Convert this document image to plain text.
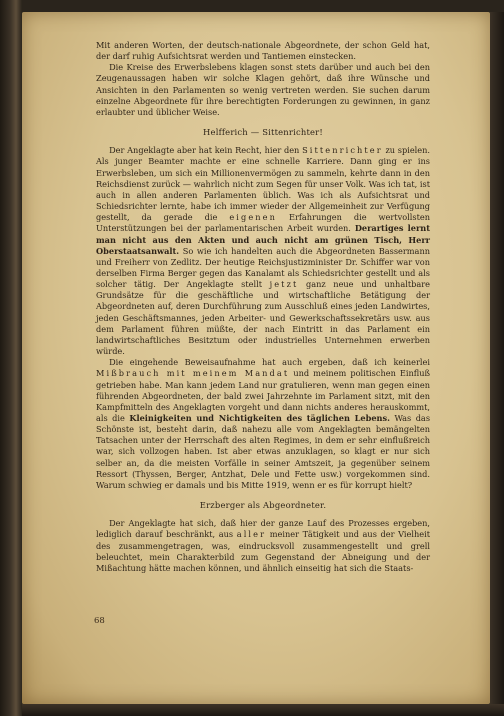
Mit anderen Worten, der deutsch-nationale Abgeordnete, der schon Geld hat, der darf ruhig Aufsichtsrat werden und Tantiemen einstecken.

Die Kreise des Erwerbslebens klagen sonst stets darüber und auch bei den Zeugenaussagen haben wir solche Klagen gehört, daß ihre Wünsche und Ansichten in den Parlamenten so wenig vertreten werden. Sie suchen darum einzelne Abgeordnete für ihre berechtigten Forderungen zu gewinnen, in ganz erlaubter und üblicher Weise.

Helfferich — Sittenrichter!

Der Angeklagte aber hat kein Recht, hier den Sittenrichter zu spielen. Als junger Beamter machte er eine schnelle Karriere. Dann ging er ins Erwerbsleben, um sich ein Millionenvermögen zu sammeln, kehrte dann in den Reichsdienst zurück — wahrlich nicht zum Segen für unser Volk. Was ich tat, ist auch in allen anderen Parlamenten üblich. Was ich als Aufsichtsrat und Schiedsrichter lernte, habe ich immer wieder der Allgemeinheit zur Verfügung gestellt, da gerade die eigenen Erfahrungen die wertvollsten Unterstützungen bei der parlamentarischen Arbeit wurden. Derartiges lernt man nicht aus den Akten und auch nicht am grünen Tisch, Herr Oberstaatsanwalt. So wie ich handelten auch die Abgeordneten Bassermann und Freiherr von Zedlitz. Der heutige Reichsjustizminister Dr. Schiffer war von derselben Firma Berger gegen das Kanalamt als Schiedsrichter gestellt und als solcher tätig. Der Angeklagte stellt jetzt ganz neue und unhaltbare Grundsätze für die geschäftliche und wirtschaftliche Betätigung der Abgeordneten auf, deren Durchführung zum Ausschluß eines jeden Landwirtes, jeden Geschäftsmannes, jeden Arbeiter- und Gewerkschaftssekretärs usw. aus dem Parlament führen müßte, der nach Eintritt in das Parlament ein landwirtschaftliches Besitztum oder industrielles Unternehmen erwerben würde.

Die eingehende Beweisaufnahme hat auch ergeben, daß ich keinerlei Mißbrauch mit meinem Mandat und meinem politischen Einfluß getrieben habe. Man kann jedem Land nur gratulieren, wenn man gegen einen führenden Abgeordneten, der bald zwei Jahrzehnte im Parlament sitzt, mit den Kampfmitteln des Angeklagten vorgeht und dann nichts anderes herauskommt, als die Kleinigkeiten und Nichtigkeiten des täglichen Lebens. Was das Schönste ist, besteht darin, daß nahezu alle vom Angeklagten bemängelten Tatsachen unter der Herrschaft des alten Regimes, in dem er sehr einflußreich war, sich vollzogen haben. Ist aber etwas anzuklagen, so klagt er nur sich selber an, da die meisten Vorfälle in seiner Amtszeit, ja gegenüber seinem Ressort (Thyssen, Berger, Antzhat, Dele und Fette usw.) vorgekommen sind. Warum schwieg er damals und bis Mitte 1919, wenn er es für korrupt hielt?

Erzberger als Abgeordneter.

Der Angeklagte hat sich, daß hier der ganze Lauf des Prozesses ergeben, lediglich darauf beschränkt, aus aller meiner Tätigkeit und aus der Vielheit des zusammengetragen, was, eindrucksvoll zusammengestellt und grell beleuchtet, mein Charakterbild zum Gegenstand der Abneigung und der Mißachtung hätte machen können, und ähnlich einseitig hat sich die Staats-

68
